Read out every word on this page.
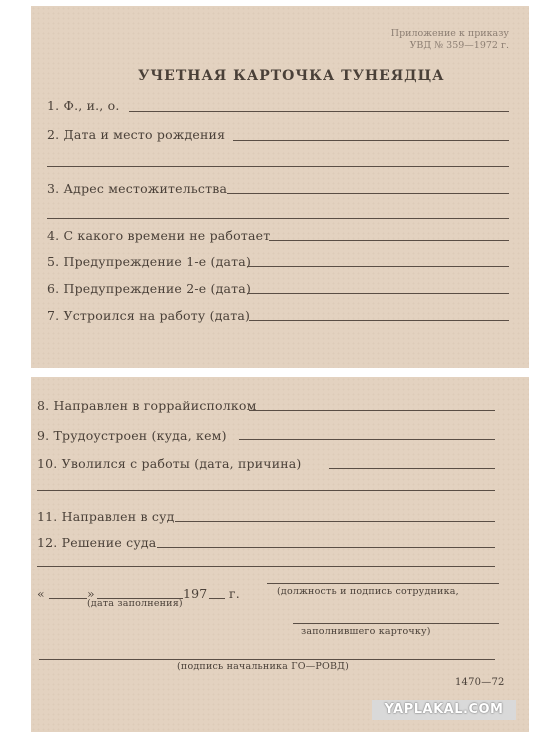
Приложение к приказу
УВД № 359—1972 г.
УЧЕТНАЯ КАРТОЧКА ТУНЕЯДЦА
1. Ф., и., о.
2. Дата и место рождения
3. Адрес местожительства
4. С какого времени не работает
5. Предупреждение 1-е (дата)
6. Предупреждение 2-е (дата)
7. Устроился на работу (дата)
8. Направлен в горрайисполком
9. Трудоустроен (куда, кем)
10. Уволился с работы (дата, причина)
11. Направлен в суд
12. Решение суда
«	»	197 г.
(дата заполнения)
(должность и подпись сотрудника,
заполнившего карточку)
(подпись начальника ГО—РОВД)
1470—72
YAPLAKAL.COM
